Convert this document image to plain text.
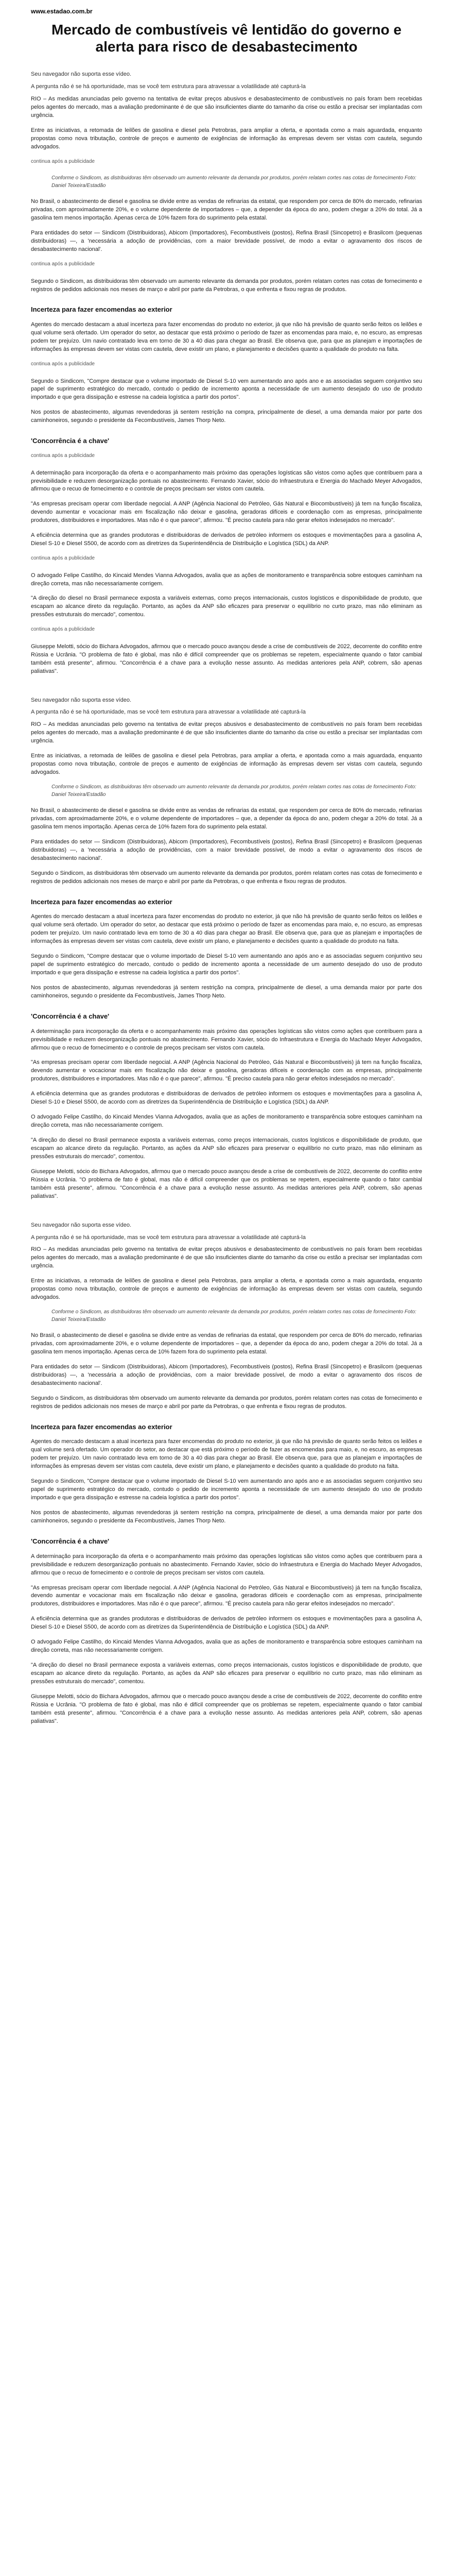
www.estadao.com.br
Mercado de combustíveis vê lentidão do governo e alerta para risco de desabastecimento

Seu navegador não suporta esse vídeo.

A pergunta não é se há oportunidade, mas se você tem estrutura para atravessar a volatilidade até capturá-la

RIO – As medidas anunciadas pelo governo na tentativa de evitar preços abusivos e desabastecimento de combustíveis no país foram bem recebidas pelos agentes do mercado, mas a avaliação predominante é de que são insuficientes diante do tamanho da crise ou estão a precisar ser implantadas com urgência.

Entre as iniciativas, a retomada de leilões de gasolina e diesel pela Petrobras, para ampliar a oferta, e apontada como a mais aguardada, enquanto propostas como nova tributação, controle de preços e aumento de exigências de informação às empresas devem ser vistas com cautela, segundo advogados.

continua após a publicidade
Conforme o Sindicom, as distribuidoras têm observado um aumento relevante da demanda por produtos, porém relatam cortes nas cotas de fornecimento Foto: Daniel Teixeira/Estadão

No Brasil, o abastecimento de diesel e gasolina se divide entre as vendas de refinarias da estatal, que respondem por cerca de 80% do mercado, refinarias privadas, com aproximadamente 20%, e o volume dependente de importadores – que, a depender da época do ano, podem chegar a 20% do total. Já a gasolina tem menos importação. Apenas cerca de 10% fazem fora do suprimento pela estatal.

Para entidades do setor — Sindicom (Distribuidoras), Abicom (Importadores), Fecombustíveis (postos), Refina Brasil (Sincopetro) e Brasilcom (pequenas distribuidoras) —, a 'necessária a adoção de providências, com a maior brevidade possível, de modo a evitar o agravamento dos riscos de desabastecimento nacional'.

continua após a publicidade

Segundo o Sindicom, as distribuidoras têm observado um aumento relevante da demanda por produtos, porém relatam cortes nas cotas de fornecimento e registros de pedidos adicionais nos meses de março e abril por parte da Petrobras, o que enfrenta e fixou regras de produtos.

Incerteza para fazer encomendas ao exterior

Agentes do mercado destacam a atual incerteza para fazer encomendas do produto no exterior, já que não há previsão de quanto serão feitos os leilões e qual volume será ofertado. Um operador do setor, ao destacar que está próximo o período de fazer as encomendas para maio, e, no escuro, as empresas podem ter prejuízo. Um navio contratado leva em torno de 30 a 40 dias para chegar ao Brasil. Ele observa que, para que as planejam e importações de informações às empresas devem ser vistas com cautela, deve existir um plano, e planejamento e decisões quanto a qualidade do produto na falta.

continua após a publicidade

Segundo o Sindicom, "Compre destacar que o volume importado de Diesel S-10 vem aumentando ano após ano e as associadas seguem conjuntivo seu papel de suprimento estratégico do mercado, contudo o pedido de incremento aponta a necessidade de um aumento desejado do uso de produto importado e que gera dissipação e estresse na cadeia logística a partir dos portos".

Nos postos de abastecimento, algumas revendedoras já sentem restrição na compra, principalmente de diesel, a uma demanda maior por parte dos caminhoneiros, segundo o presidente da Fecombustíveis, James Thorp Neto.

'Concorrência é a chave'
continua após a publicidade

A determinação para incorporação da oferta e o acompanhamento mais próximo das operações logísticas são vistos como ações que contribuem para a previsibilidade e reduzem desorganização pontuais no abastecimento. Fernando Xavier, sócio do Infraestrutura e Energia do Machado Meyer Advogados, afirmou que o recuo de fornecimento e o controle de preços precisam ser vistos com cautela.

"As empresas precisam operar com liberdade negocial. A ANP (Agência Nacional do Petróleo, Gás Natural e Biocombustíveis) já tem na função fiscaliza, devendo aumentar e vocacionar mais em fiscalização não deixar e gasolina, geradoras difíceis e coordenação com as empresas, principalmente produtores, distribuidores e importadores. Mas não é o que parece", afirmou. "É preciso cautela para não gerar efeitos indesejados no mercado".

A eficiência determina que as grandes produtoras e distribuidoras de derivados de petróleo informem os estoques e movimentações para a gasolina A, Diesel S-10 e Diesel S500, de acordo com as diretrizes da Superintendência de Distribuição e Logística (SDL) da ANP.

continua após a publicidade

O advogado Felipe Castilho, do Kincaid Mendes Vianna Advogados, avalia que as ações de monitoramento e transparência sobre estoques caminham na direção correta, mas não necessariamente corrigem.

"A direção do diesel no Brasil permanece exposta a variáveis externas, como preços internacionais, custos logísticos e disponibilidade de produto, que escapam ao alcance direto da regulação. Portanto, as ações da ANP são eficazes para preservar o equilíbrio no curto prazo, mas não eliminam as pressões estruturais do mercado", comentou.

continua após a publicidade

Giuseppe Melotti, sócio do Bichara Advogados, afirmou que o mercado pouco avançou desde a crise de combustíveis de 2022, decorrente do conflito entre Rússia e Ucrânia. "O problema de fato é global, mas não é difícil compreender que os problemas se repetem, especialmente quando o fator cambial também está presente", afirmou. "Concorrência é a chave para a evolução nesse assunto. As medidas anteriores pela ANP, cobrem, são apenas paliativas".

Seu navegador não suporta esse vídeo.

A pergunta não é se há oportunidade, mas se você tem estrutura para atravessar a volatilidade até capturá-la

RIO – As medidas anunciadas pelo governo na tentativa de evitar preços abusivos e desabastecimento de combustíveis no país foram bem recebidas pelos agentes do mercado, mas a avaliação predominante é de que são insuficientes diante do tamanho da crise ou estão a precisar ser implantadas com urgência.

Entre as iniciativas, a retomada de leilões de gasolina e diesel pela Petrobras, para ampliar a oferta, e apontada como a mais aguardada, enquanto propostas como nova tributação, controle de preços e aumento de exigências de informação às empresas devem ser vistas com cautela, segundo advogados.

Conforme o Sindicom, as distribuidoras têm observado um aumento relevante da demanda por produtos, porém relatam cortes nas cotas de fornecimento Foto: Daniel Teixeira/Estadão

No Brasil, o abastecimento de diesel e gasolina se divide entre as vendas de refinarias da estatal, que respondem por cerca de 80% do mercado, refinarias privadas, com aproximadamente 20%, e o volume dependente de importadores – que, a depender da época do ano, podem chegar a 20% do total. Já a gasolina tem menos importação. Apenas cerca de 10% fazem fora do suprimento pela estatal.

Para entidades do setor — Sindicom (Distribuidoras), Abicom (Importadores), Fecombustíveis (postos), Refina Brasil (Sincopetro) e Brasilcom (pequenas distribuidoras) —, a 'necessária a adoção de providências, com a maior brevidade possível, de modo a evitar o agravamento dos riscos de desabastecimento nacional'.

Segundo o Sindicom, as distribuidoras têm observado um aumento relevante da demanda por produtos, porém relatam cortes nas cotas de fornecimento e registros de pedidos adicionais nos meses de março e abril por parte da Petrobras, o que enfrenta e fixou regras de produtos.

Incerteza para fazer encomendas ao exterior

Agentes do mercado destacam a atual incerteza para fazer encomendas do produto no exterior, já que não há previsão de quanto serão feitos os leilões e qual volume será ofertado. Um operador do setor, ao destacar que está próximo o período de fazer as encomendas para maio, e, no escuro, as empresas podem ter prejuízo. Um navio contratado leva em torno de 30 a 40 dias para chegar ao Brasil. Ele observa que, para que as planejam e importações de informações às empresas devem ser vistas com cautela, deve existir um plano, e planejamento e decisões quanto a qualidade do produto na falta.

Segundo o Sindicom, "Compre destacar que o volume importado de Diesel S-10 vem aumentando ano após ano e as associadas seguem conjuntivo seu papel de suprimento estratégico do mercado, contudo o pedido de incremento aponta a necessidade de um aumento desejado do uso de produto importado e que gera dissipação e estresse na cadeia logística a partir dos portos".

Nos postos de abastecimento, algumas revendedoras já sentem restrição na compra, principalmente de diesel, a uma demanda maior por parte dos caminhoneiros, segundo o presidente da Fecombustíveis, James Thorp Neto.

'Concorrência é a chave'

A determinação para incorporação da oferta e o acompanhamento mais próximo das operações logísticas são vistos como ações que contribuem para a previsibilidade e reduzem desorganização pontuais no abastecimento. Fernando Xavier, sócio do Infraestrutura e Energia do Machado Meyer Advogados, afirmou que o recuo de fornecimento e o controle de preços precisam ser vistos com cautela.

"As empresas precisam operar com liberdade negocial. A ANP (Agência Nacional do Petróleo, Gás Natural e Biocombustíveis) já tem na função fiscaliza, devendo aumentar e vocacionar mais em fiscalização não deixar e gasolina, geradoras difíceis e coordenação com as empresas, principalmente produtores, distribuidores e importadores. Mas não é o que parece", afirmou. "É preciso cautela para não gerar efeitos indesejados no mercado".

A eficiência determina que as grandes produtoras e distribuidoras de derivados de petróleo informem os estoques e movimentações para a gasolina A, Diesel S-10 e Diesel S500, de acordo com as diretrizes da Superintendência de Distribuição e Logística (SDL) da ANP.

O advogado Felipe Castilho, do Kincaid Mendes Vianna Advogados, avalia que as ações de monitoramento e transparência sobre estoques caminham na direção correta, mas não necessariamente corrigem.

"A direção do diesel no Brasil permanece exposta a variáveis externas, como preços internacionais, custos logísticos e disponibilidade de produto, que escapam ao alcance direto da regulação. Portanto, as ações da ANP são eficazes para preservar o equilíbrio no curto prazo, mas não eliminam as pressões estruturais do mercado", comentou.

Giuseppe Melotti, sócio do Bichara Advogados, afirmou que o mercado pouco avançou desde a crise de combustíveis de 2022, decorrente do conflito entre Rússia e Ucrânia. "O problema de fato é global, mas não é difícil compreender que os problemas se repetem, especialmente quando o fator cambial também está presente", afirmou. "Concorrência é a chave para a evolução nesse assunto. As medidas anteriores pela ANP, cobrem, são apenas paliativas".

Seu navegador não suporta esse vídeo.

A pergunta não é se há oportunidade, mas se você tem estrutura para atravessar a volatilidade até capturá-la

RIO – As medidas anunciadas pelo governo na tentativa de evitar preços abusivos e desabastecimento de combustíveis no país foram bem recebidas pelos agentes do mercado, mas a avaliação predominante é de que são insuficientes diante do tamanho da crise ou estão a precisar ser implantadas com urgência.

Entre as iniciativas, a retomada de leilões de gasolina e diesel pela Petrobras, para ampliar a oferta, e apontada como a mais aguardada, enquanto propostas como nova tributação, controle de preços e aumento de exigências de informação às empresas devem ser vistas com cautela, segundo advogados.

Conforme o Sindicom, as distribuidoras têm observado um aumento relevante da demanda por produtos, porém relatam cortes nas cotas de fornecimento Foto: Daniel Teixeira/Estadão

No Brasil, o abastecimento de diesel e gasolina se divide entre as vendas de refinarias da estatal, que respondem por cerca de 80% do mercado, refinarias privadas, com aproximadamente 20%, e o volume dependente de importadores – que, a depender da época do ano, podem chegar a 20% do total. Já a gasolina tem menos importação. Apenas cerca de 10% fazem fora do suprimento pela estatal.

Para entidades do setor — Sindicom (Distribuidoras), Abicom (Importadores), Fecombustíveis (postos), Refina Brasil (Sincopetro) e Brasilcom (pequenas distribuidoras) —, a 'necessária a adoção de providências, com a maior brevidade possível, de modo a evitar o agravamento dos riscos de desabastecimento nacional'.

Segundo o Sindicom, as distribuidoras têm observado um aumento relevante da demanda por produtos, porém relatam cortes nas cotas de fornecimento e registros de pedidos adicionais nos meses de março e abril por parte da Petrobras, o que enfrenta e fixou regras de produtos.

Incerteza para fazer encomendas ao exterior

Agentes do mercado destacam a atual incerteza para fazer encomendas do produto no exterior, já que não há previsão de quanto serão feitos os leilões e qual volume será ofertado. Um operador do setor, ao destacar que está próximo o período de fazer as encomendas para maio, e, no escuro, as empresas podem ter prejuízo. Um navio contratado leva em torno de 30 a 40 dias para chegar ao Brasil. Ele observa que, para que as planejam e importações de informações às empresas devem ser vistas com cautela, deve existir um plano, e planejamento e decisões quanto a qualidade do produto na falta.

Segundo o Sindicom, "Compre destacar que o volume importado de Diesel S-10 vem aumentando ano após ano e as associadas seguem conjuntivo seu papel de suprimento estratégico do mercado, contudo o pedido de incremento aponta a necessidade de um aumento desejado do uso de produto importado e que gera dissipação e estresse na cadeia logística a partir dos portos".

Nos postos de abastecimento, algumas revendedoras já sentem restrição na compra, principalmente de diesel, a uma demanda maior por parte dos caminhoneiros, segundo o presidente da Fecombustíveis, James Thorp Neto.

'Concorrência é a chave'

A determinação para incorporação da oferta e o acompanhamento mais próximo das operações logísticas são vistos como ações que contribuem para a previsibilidade e reduzem desorganização pontuais no abastecimento. Fernando Xavier, sócio do Infraestrutura e Energia do Machado Meyer Advogados, afirmou que o recuo de fornecimento e o controle de preços precisam ser vistos com cautela.

"As empresas precisam operar com liberdade negocial. A ANP (Agência Nacional do Petróleo, Gás Natural e Biocombustíveis) já tem na função fiscaliza, devendo aumentar e vocacionar mais em fiscalização não deixar e gasolina, geradoras difíceis e coordenação com as empresas, principalmente produtores, distribuidores e importadores. Mas não é o que parece", afirmou. "É preciso cautela para não gerar efeitos indesejados no mercado".

A eficiência determina que as grandes produtoras e distribuidoras de derivados de petróleo informem os estoques e movimentações para a gasolina A, Diesel S-10 e Diesel S500, de acordo com as diretrizes da Superintendência de Distribuição e Logística (SDL) da ANP.

O advogado Felipe Castilho, do Kincaid Mendes Vianna Advogados, avalia que as ações de monitoramento e transparência sobre estoques caminham na direção correta, mas não necessariamente corrigem.

"A direção do diesel no Brasil permanece exposta a variáveis externas, como preços internacionais, custos logísticos e disponibilidade de produto, que escapam ao alcance direto da regulação. Portanto, as ações da ANP são eficazes para preservar o equilíbrio no curto prazo, mas não eliminam as pressões estruturais do mercado", comentou.

Giuseppe Melotti, sócio do Bichara Advogados, afirmou que o mercado pouco avançou desde a crise de combustíveis de 2022, decorrente do conflito entre Rússia e Ucrânia. "O problema de fato é global, mas não é difícil compreender que os problemas se repetem, especialmente quando o fator cambial também está presente", afirmou. "Concorrência é a chave para a evolução nesse assunto. As medidas anteriores pela ANP, cobrem, são apenas paliativas".
